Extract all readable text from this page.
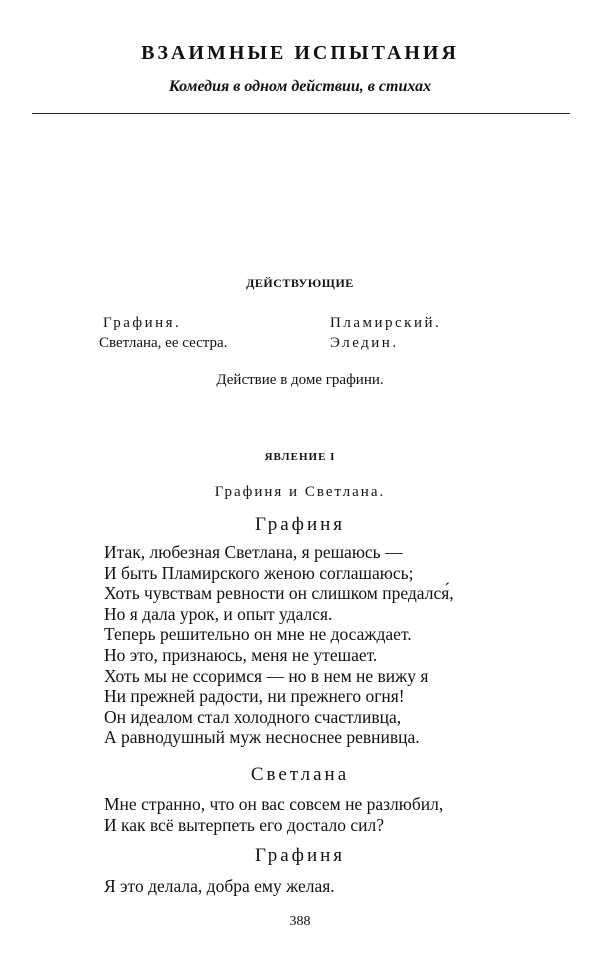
ВЗАИМНЫЕ ИСПЫТАНИЯ
Комедия в одном действии, в стихах
ДЕЙСТВУЮЩИЕ
Графиня.
Светлана, ее сестра.
Пламирский.
Эледин.
Действие в доме графини.
ЯВЛЕНИЕ I
Графиня и Светлана.
Графиня
Итак, любезная Светлана, я решаюсь —
И быть Пламирского женою соглашаюсь;
Хоть чувствам ревности он слишком предался́,
Но я дала урок, и опыт удался.
Теперь решительно он мне не досаждает.
Но это, признаюсь, меня не утешает.
Хоть мы не ссоримся — но в нем не вижу я
Ни прежней радости, ни прежнего огня!
Он идеалом стал холодного счастливца,
А равнодушный муж несноснее ревнивца.
Светлана
Мне странно, что он вас совсем не разлюбил,
И как всё вытерпеть его достало сил?
Графиня
Я это делала, добра ему желая.
388
